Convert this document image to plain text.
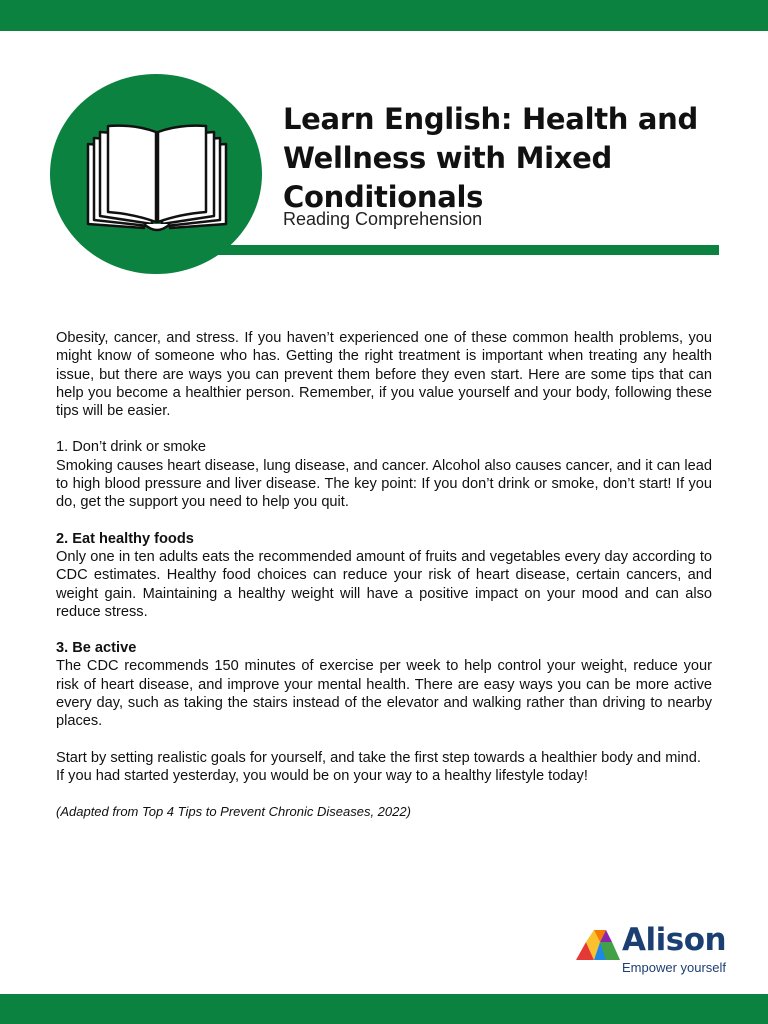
Learn English: Health and Wellness with Mixed Conditionals
Reading Comprehension

Obesity, cancer, and stress. If you haven’t experienced one of these common health problems, you might know of someone who has. Getting the right treatment is important when treating any health issue, but there are ways you can prevent them before they even start. Here are some tips that can help you become a healthier person. Remember, if you value yourself and your body, following these tips will be easier.

1. Don’t drink or smoke
Smoking causes heart disease, lung disease, and cancer. Alcohol also causes cancer, and it can lead to high blood pressure and liver disease. The key point: If you don’t drink or smoke, don’t start! If you do, get the support you need to help you quit.

2. Eat healthy foods
Only one in ten adults eats the recommended amount of fruits and vegetables every day according to CDC estimates. Healthy food choices can reduce your risk of heart disease, certain cancers, and weight gain. Maintaining a healthy weight will have a positive impact on your mood and can also reduce stress.

3. Be active
The CDC recommends 150 minutes of exercise per week to help control your weight, reduce your risk of heart disease, and improve your mental health. There are easy ways you can be more active every day, such as taking the stairs instead of the elevator and walking rather than driving to nearby places.

Start by setting realistic goals for yourself, and take the first step towards a healthier body and mind. If you had started yesterday, you would be on your way to a healthy lifestyle today!

(Adapted from Top 4 Tips to Prevent Chronic Diseases, 2022)

Alison
Empower yourself
